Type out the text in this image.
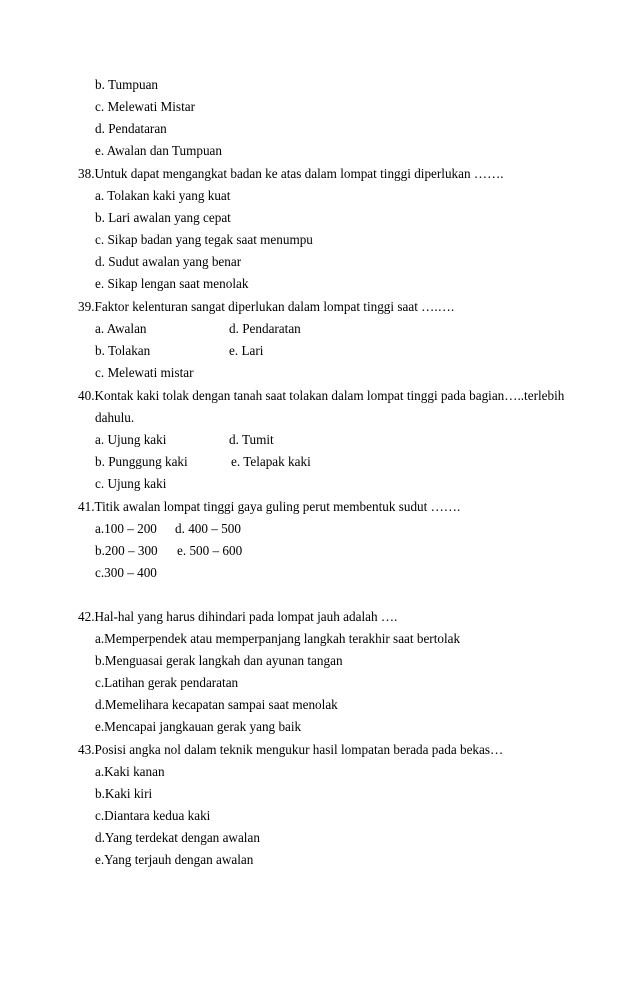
b. Tumpuan
c. Melewati Mistar
d. Pendataran
e. Awalan dan Tumpuan
38.Untuk dapat mengangkat badan ke atas dalam lompat tinggi diperlukan …….
a. Tolakan kaki yang kuat
b. Lari awalan yang cepat
c. Sikap badan yang tegak saat menumpu
d. Sudut awalan yang benar
e. Sikap lengan saat menolak
39.Faktor kelenturan sangat diperlukan dalam lompat tinggi saat ….….
a. Awalan	d. Pendaratan
b. Tolakan	e. Lari
c. Melewati mistar
40.Kontak kaki tolak dengan tanah saat tolakan dalam lompat tinggi pada bagian…..terlebih
dahulu.
a. Ujung kaki	d. Tumit
b. Punggung kaki	e. Telapak kaki
c. Ujung kaki
41.Titik awalan lompat tinggi gaya guling perut membentuk sudut …….
a.100 – 200 d. 400 – 500
b.200 – 300 e. 500 – 600
c.300 – 400
42.Hal-hal yang harus dihindari pada lompat jauh adalah ….
a.Memperpendek atau memperpanjang langkah terakhir saat bertolak
b.Menguasai gerak langkah dan ayunan tangan
c.Latihan gerak pendaratan
d.Memelihara kecapatan sampai saat menolak
e.Mencapai jangkauan gerak yang baik
43.Posisi angka nol dalam teknik mengukur hasil lompatan berada pada bekas…
a.Kaki kanan
b.Kaki kiri
c.Diantara kedua kaki
d.Yang terdekat dengan awalan
e.Yang terjauh dengan awalan
